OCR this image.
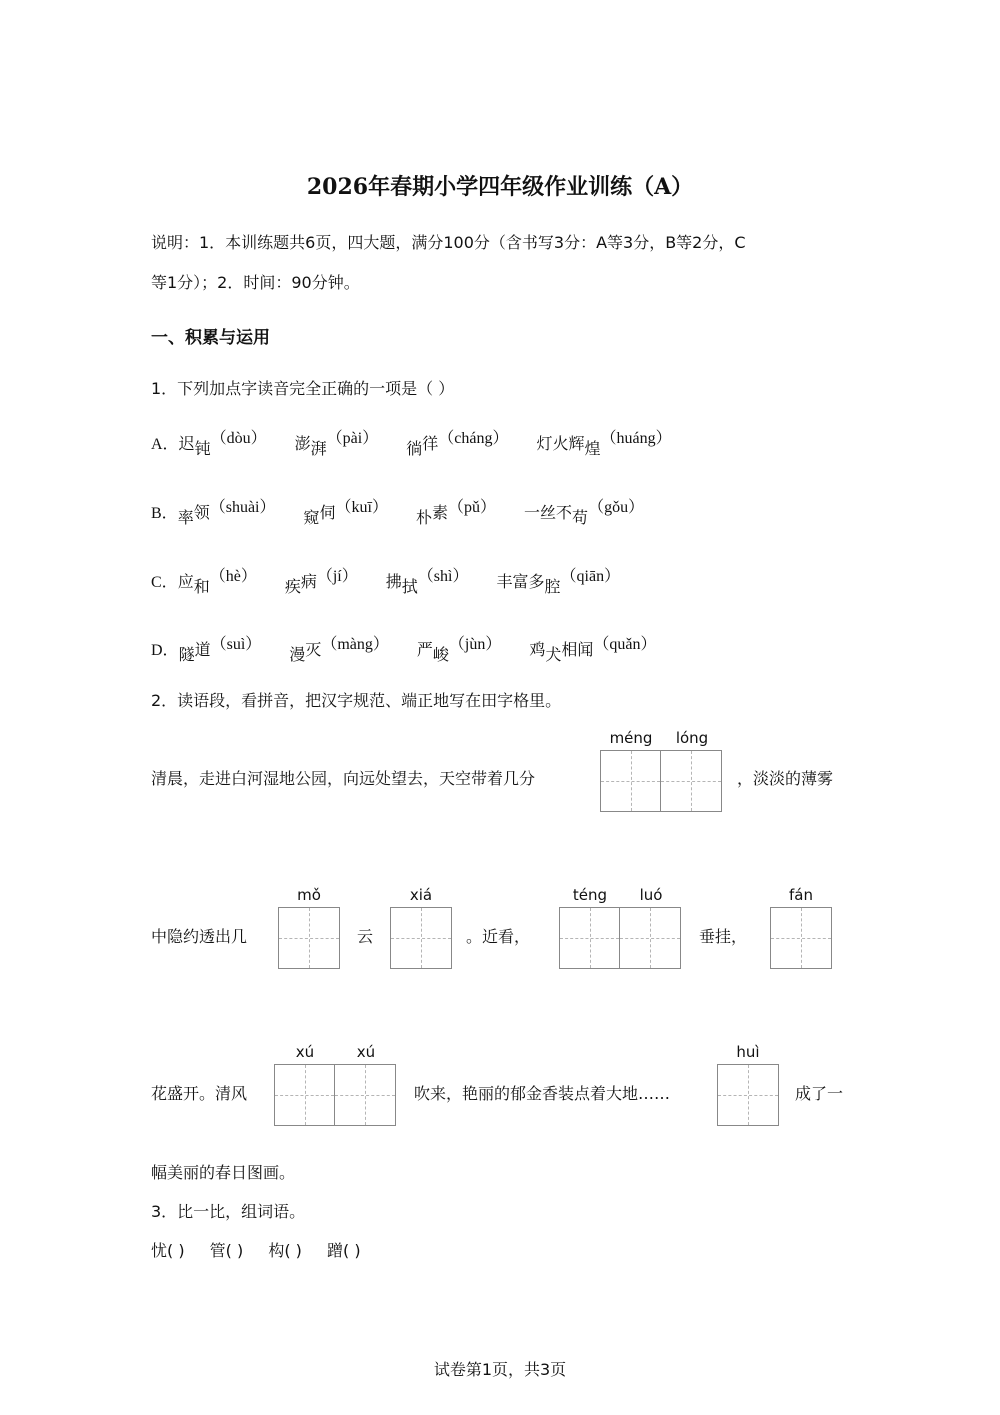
2026年春期小学四年级作业训练（A）
说明：1．本训练题共6页，四大题，满分100分（含书写3分：A等3分，B等2分，C
等1分）；2．时间：90分钟。
一、积累与运用
1．下列加点字读音完全正确的一项是（ ）
A．迟钝（dòu） 澎湃（pài）徜徉（cháng） 灯火辉煌（huáng）
B．率领（shuài）窥伺（kuī）朴素（pǔ） 一丝不苟（gǒu）
C．应和（hè）疾病（jí） 拂拭（shì） 丰富多腔（qiān）
D．隧道（suì）漫灭（màng） 严峻（jùn） 鸡犬相闻（quǎn）
2．读语段，看拼音，把汉字规范、端正地写在田字格里。
清晨，走进白河湿地公园，向远处望去，天空带着几分
méng	lóng
，淡淡的薄雾
中隐约透出几
mǒ
云
xiá
。近看，
téng	luó
垂挂，
fán
花盛开。清风
xú	xú
吹来，艳丽的郁金香装点着大地……
huì
成了一
幅美丽的春日图画。
3．比一比，组词语。
忧( ) 管( ) 构( ) 蹭( )
试卷第1页，共3页
